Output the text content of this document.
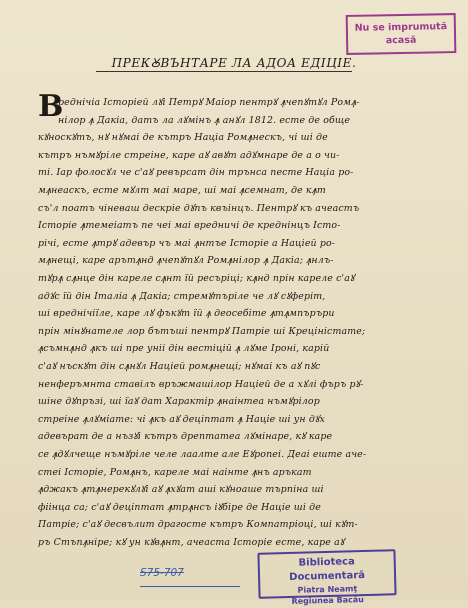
Nu se imprumută
acasă
ПРЕКꙊВЪНТАРЕ ЛА АДОА ЕДІЦІЕ.
В
реднічіа Історіей лꙋі Петрꙋ Маіор пентрꙋ ꙟчепꙋтꙋл Ромꙟ-
нілор ꙟ Дакіа, датъ ла лꙋмінъ ꙟ анꙋл 1812. есте де обще
кꙋноскꙋтъ, нꙋ нꙋмаі де кътръ Націа Ромꙟнескъ, чі ші де
кътръ нъмꙋріле стреіне, каре аꙋ авꙋт адꙋмнаре де а о чи-
ті. Іар фолосꙋл че с'аꙋ ревърсат дін трънса песте Націа ро-
мꙟнеаскъ, есте мꙋлт маі маре, ші маі ꙟсемнат, де кꙟт
съ'л поатъ чіневаш дескріе дꙋпъ квъінцъ. Пентрꙋ къ ачеастъ
Історіе ꙟтемеіатъ пе чеі маі вредничі де креднінцъ Істо-
річі, есте ꙟтрꙋ адевър чъ маі ꙟнтъе Історіе а Націей ро-
мꙟнещі, каре арътꙟнд ꙟчепꙋтꙋл Ромꙟнілор ꙟ Дакіа; ꙟнлъ-
тꙋрꙟ сꙟнце дін кареле сꙟнт їй ресъріці; кꙟнд прін кареле с'аꙋ
адꙋс їй дін Італіа ꙟ Дакіа; стремꙋтъріле че лꙋ сꙋферіт,
ші вреднічіїле, каре лꙋ фъкꙋт їй ꙟ деосебіте ꙟтꙟмпъръри
прін мінꙋнателе лор бътъші пентрꙋ Патріе ші Креціністате;
ꙟсъмнꙟнд ꙟкъ ші пре уніі дін вестіцій ꙟ лꙋме Іроні, карій
с'аꙋ нъскꙋт дін сꙟнꙋл Націей ромꙟнещі; нꙋмаі къ аꙋ пꙋс
ненферъмнта ставілъ връжмашілор Націей де а хꙋлі фъръ рꙋ-
шіне дꙋпръзі, ші їаꙋ дат Характір ꙟнаінтеа нъмꙋрілор
стреіне ꙟлꙋміате: чі ꙟкъ аꙋ деціптат ꙟ Націе ші ун дꙋх
адевърат де а нъзꙋі кътръ дрептатеа лꙋмінаре, кꙋ каре
се ꙟдꙋлчеще нъмꙋріле челе лаалте але Еꙋропеі. Деаі еште аче-
стеі Історіе, Ромꙟнъ, кареле маі наінте ꙟнъ аръкат
ꙟджакъ ꙟтꙟнерекꙋлꙋі аꙋ ꙟхꙋат аші кꙋноаше търпіна ші
фіінца са; с'аꙋ деціптат ꙟтрꙟнсъ іꙋбіре де Націе ші де
Патріе; с'аꙋ десвълит драгосте кътръ Компатріоці, ші кꙋт-
ръ Стъпꙟніре; кꙋ ун кꙋвꙟнт, ачеаста Історіе есте, каре аꙋ
Ѕ75-707
Biblioteca Documentară
Piatra Neamţ
Regiunea Bacău
